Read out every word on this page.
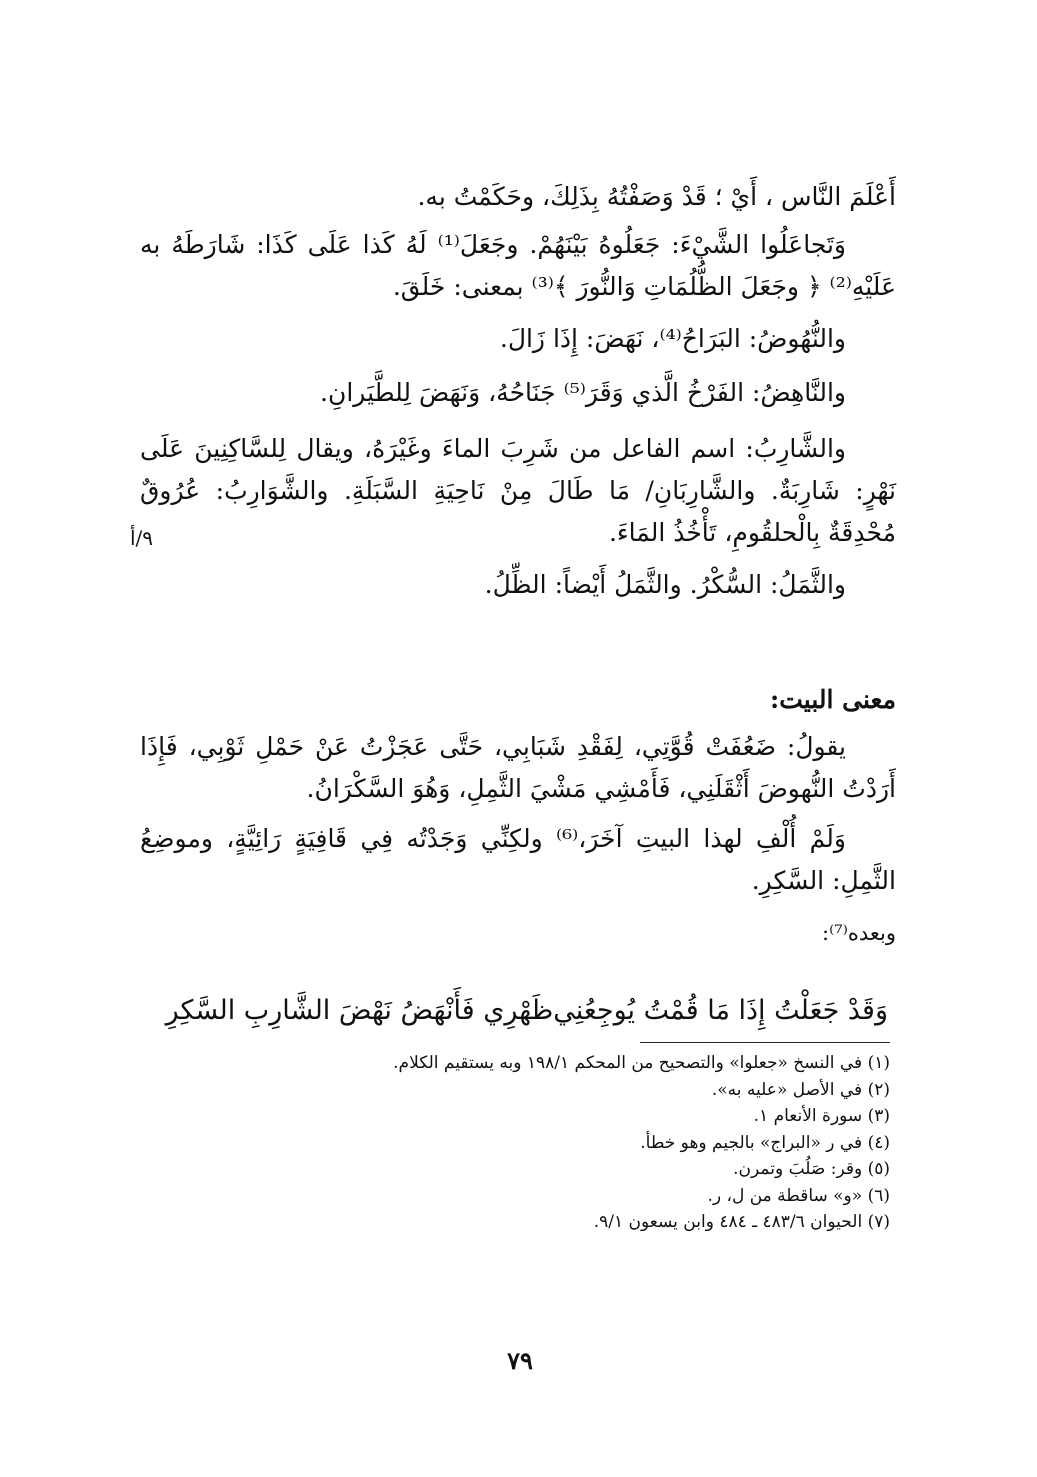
أَعْلَمَ النَّاس ، أَيْ ؛ قَدْ وَصَفْتُهُ بِذَلِكَ، وحَكَمْتُ به.

وَتَجاعَلُوا الشَّيْءَ: جَعَلُوهُ بَيْنَهُمْ. وجَعَلَ⁽¹⁾ لَهُ كَذا عَلَى كَذَا: شَارَطَهُ به عَلَيْهِ⁽²⁾ ﴿ وجَعَلَ الظُّلُمَاتِ وَالنُّورَ ﴾⁽³⁾ بمعنى: خَلَقَ.

والنُّهُوضُ: البَرَاحُ⁽⁴⁾، نَهَضَ: إِذَا زَالَ.

والنَّاهِضُ: الفَرْخُ الَّذي وَقَرَ⁽⁵⁾ جَنَاحُهُ، وَنَهَضَ لِلطَّيَرانِ.

والشَّارِبُ: اسم الفاعل من شَرِبَ الماءَ وغَيْرَهُ، ويقال لِلسَّاكِنِينَ عَلَى نَهْرٍ: شَارِبَةٌ. والشَّارِبَانِ/ مَا طَالَ مِنْ نَاحِيَةِ السَّبَلَةِ. والشَّوَارِبُ: عُرُوقٌ مُحْدِقَةٌ بِالْحلقُومِ، تَأْخُذُ المَاءَ.

والثَّمَلُ: السُّكْرُ. والثَّمَلُ أَيْضاً: الظِّلُ.

٩/أ
معنى البيت:

يقولُ: ضَعُفَتْ قُوَّتِي، لِفَقْدِ شَبَابِي، حَتَّى عَجَزْتُ عَنْ حَمْلِ ثَوْبِي، فَإِذَا أَرَدْتُ النُّهوضَ أَثْقَلَنِي، فَأَمْشِي مَشْيَ الثَّمِلِ، وَهُوَ السَّكْرَانُ.

وَلَمْ أُلْفِ لهذا البيتِ آخَرَ،⁽⁶⁾ ولكِنِّي وَجَدْتُه فِي قَافِيَةٍ رَائِيَّةٍ، وموضِعُ الثَّمِلِ: السَّكِرِ.

وبعده⁽⁷⁾:

وَقَدْ جَعَلْتُ إِذَا مَا قُمْتُ يُوجِعُنِي
ظَهْرِي فَأَنْهَضُ نَهْضَ الشَّارِبِ السَّكِرِ

(١) في النسخ «جعلوا» والتصحيح من المحكم ١٩٨/١ وبه يستقيم الكلام.

(٢) في الأصل «عليه به».

(٣) سورة الأنعام ١.

(٤) في ر «البراج» بالجيم وهو خطأ.

(٥) وقر: صَلُبَ وتمرن.

(٦) «و» ساقطة من ل، ر.

(٧) الحيوان ٤٨٣/٦ ـ ٤٨٤ وابن يسعون ٩/١.

٧٩
